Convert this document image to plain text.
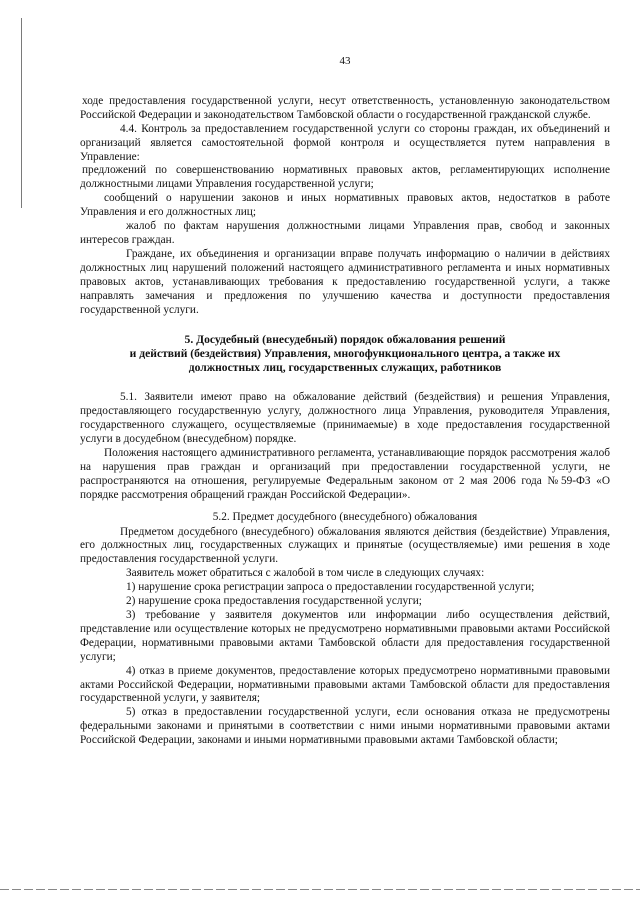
43

ходе предоставления государственной услуги, несут ответственность, установленную законодательством Российской Федерации и законодательством Тамбовской области о государственной гражданской службе.

4.4. Контроль за предоставлением государственной услуги со стороны граждан, их объединений и организаций является самостоятельной формой контроля и осуществляется путем направления в Управление:

предложений по совершенствованию нормативных правовых актов, регламентирующих исполнение должностными лицами Управления государственной услуги;

сообщений о нарушении законов и иных нормативных правовых актов, недостатков в работе Управления и его должностных лиц;

жалоб по фактам нарушения должностными лицами Управления прав, свобод и законных интересов граждан.

Граждане, их объединения и организации вправе получать информацию о наличии в действиях должностных лиц нарушений положений настоящего административного регламента и иных нормативных правовых актов, устанавливающих требования к предоставлению государственной услуги, а также направлять замечания и предложения по улучшению качества и доступности предоставления государственной услуги.

5. Досудебный (внесудебный) порядок обжалования решений
и действий (бездействия) Управления, многофункционального центра, а также их
должностных лиц, государственных служащих, работников

5.1. Заявители имеют право на обжалование действий (бездействия) и решения Управления, предоставляющего государственную услугу, должностного лица Управления, руководителя Управления, государственного служащего, осуществляемые (принимаемые) в ходе предоставления государственной услуги в досудебном (внесудебном) порядке.

Положения настоящего административного регламента, устанавливающие порядок рассмотрения жалоб на нарушения прав граждан и организаций при предоставлении государственной услуги, не распространяются на отношения, регулируемые Федеральным законом от 2 мая 2006 года №59-ФЗ «О порядке рассмотрения обращений граждан Российской Федерации».

5.2. Предмет досудебного (внесудебного) обжалования

Предметом досудебного (внесудебного) обжалования являются действия (бездействие) Управления, его должностных лиц, государственных служащих и принятые (осуществляемые) ими решения в ходе предоставления государственной услуги.

Заявитель может обратиться с жалобой в том числе в следующих случаях:

1) нарушение срока регистрации запроса о предоставлении государственной услуги;

2) нарушение срока предоставления государственной услуги;

3) требование у заявителя документов или информации либо осуществления действий, представление или осуществление которых не предусмотрено нормативными правовыми актами Российской Федерации, нормативными правовыми актами Тамбовской области для предоставления государственной услуги;

4) отказ в приеме документов, предоставление которых предусмотрено нормативными правовыми актами Российской Федерации, нормативными правовыми актами Тамбовской области для предоставления государственной услуги, у заявителя;

5) отказ в предоставлении государственной услуги, если основания отказа не предусмотрены федеральными законами и принятыми в соответствии с ними иными нормативными правовыми актами Российской Федерации, законами и иными нормативными правовыми актами Тамбовской области;
